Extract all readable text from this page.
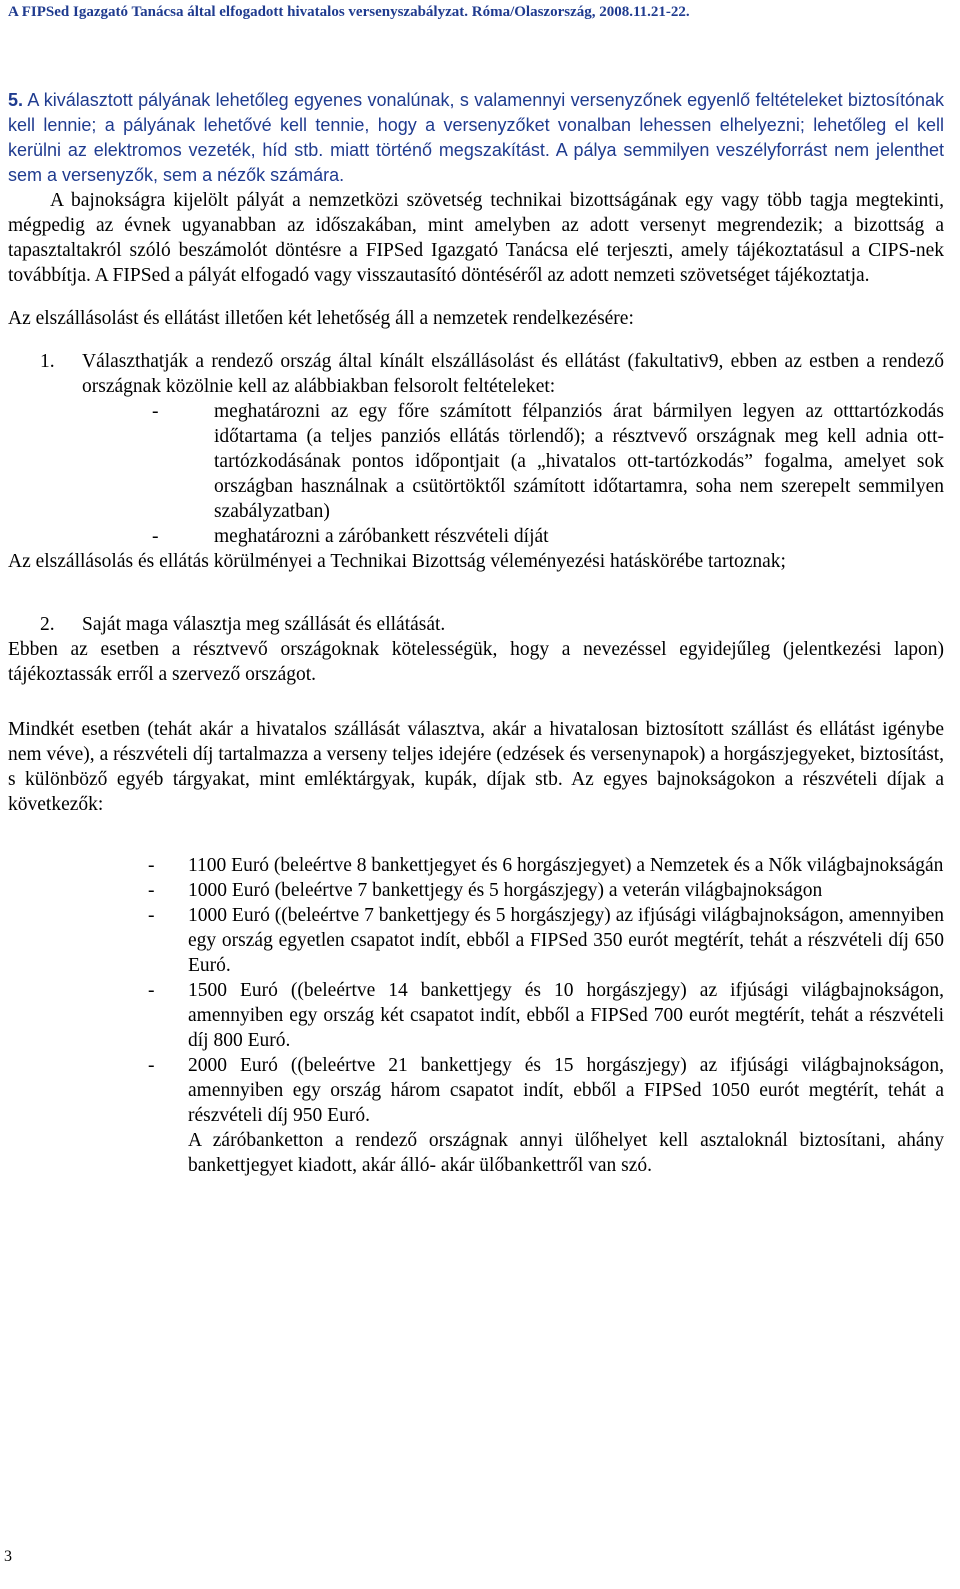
A FIPSed Igazgató Tanácsa által elfogadott hivatalos versenyszabályzat. Róma/Olaszország, 2008.11.21-22.

5. A kiválasztott pályának lehetőleg egyenes vonalúnak, s valamennyi versenyzőnek egyenlő feltételeket biztosítónak kell lennie; a pályának lehetővé kell tennie, hogy a versenyzőket vonalban lehessen elhelyezni; lehetőleg el kell kerülni az elektromos vezeték, híd stb. miatt történő megszakítást. A pálya semmilyen veszélyforrást nem jelenthet sem a versenyzők, sem a nézők számára.

A bajnokságra kijelölt pályát a nemzetközi szövetség technikai bizottságának egy vagy több tagja megtekinti, mégpedig az évnek ugyanabban az időszakában, mint amelyben az adott versenyt megrendezik; a bizottság a tapasztaltakról szóló beszámolót döntésre a FIPSed Igazgató Tanácsa elé terjeszti, amely tájékoztatásul a CIPS-nek továbbítja. A FIPSed a pályát elfogadó vagy visszautasító döntéséről az adott nemzeti szövetséget tájékoztatja.

Az elszállásolást és ellátást illetően két lehetőség áll a nemzetek rendelkezésére:

1. Választhatják a rendező ország által kínált elszállásolást és ellátást (fakultativ9, ebben az estben a rendező országnak közölnie kell az alábbiakban felsorolt feltételeket:
-	meghatározni az egy főre számított félpanziós árat bármilyen legyen az otttartózkodás időtartama (a teljes panziós ellátás törlendő); a résztvevő országnak meg kell adnia ott-tartózkodásának pontos időpontjait (a „hivatalos ott-tartózkodás” fogalma, amelyet sok országban használnak a csütörtöktől számított időtartamra, soha nem szerepelt semmilyen szabályzatban)
-	meghatározni a záróbankett részvételi díját

Az elszállásolás és ellátás körülményei a Technikai Bizottság véleményezési hatáskörébe tartoznak;

2. Saját maga választja meg szállását és ellátását.

Ebben az esetben a résztvevő országoknak kötelességük, hogy a nevezéssel egyidejűleg (jelentkezési lapon) tájékoztassák erről a szervező országot.

Mindkét esetben (tehát akár a hivatalos szállását választva, akár a hivatalosan biztosított szállást és ellátást igénybe nem véve), a részvételi díj tartalmazza a verseny teljes idejére (edzések és versenynapok) a horgászjegyeket, biztosítást, s különböző egyéb tárgyakat, mint emléktárgyak, kupák, díjak stb. Az egyes bajnokságokon a részvételi díjak a következők:

- 1100 Euró (beleértve 8 bankettjegyet és 6 horgászjegyet) a Nemzetek és a Nők világbajnokságán
- 1000 Euró (beleértve 7 bankettjegy és 5 horgászjegy) a veterán világbajnokságon
- 1000 Euró ((beleértve 7 bankettjegy és 5 horgászjegy) az ifjúsági világbajnokságon, amennyiben egy ország egyetlen csapatot indít, ebből a FIPSed 350 eurót megtérít, tehát a részvételi díj 650 Euró.
- 1500 Euró ((beleértve 14 bankettjegy és 10 horgászjegy) az ifjúsági világbajnokságon, amennyiben egy ország két csapatot indít, ebből a FIPSed 700 eurót megtérít, tehát a részvételi díj 800 Euró.
- 2000 Euró ((beleértve 21 bankettjegy és 15 horgászjegy) az ifjúsági világbajnokságon, amennyiben egy ország három csapatot indít, ebből a FIPSed 1050 eurót megtérít, tehát a részvételi díj 950 Euró.

A záróbanketton a rendező országnak annyi ülőhelyet kell asztaloknál biztosítani, ahány bankettjegyet kiadott, akár álló- akár ülőbankettről van szó.

3
